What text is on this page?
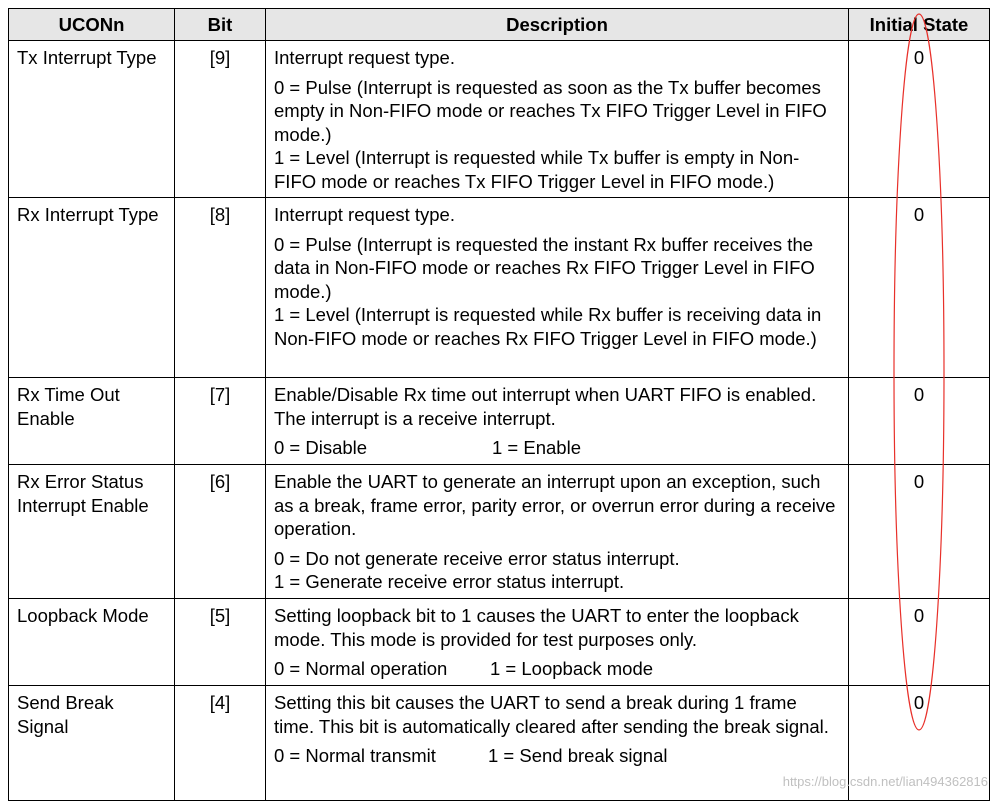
UCONn	Bit	Description	Initial State
Tx Interrupt Type	[9]	Interrupt request type.

0 = Pulse (Interrupt is requested as soon as the Tx buffer becomes empty in Non-FIFO mode or reaches Tx FIFO Trigger Level in FIFO mode.)

1 = Level (Interrupt is requested while Tx buffer is empty in Non-FIFO mode or reaches Tx FIFO Trigger Level in FIFO mode.)	0
Rx Interrupt Type	[8]	Interrupt request type.

0 = Pulse (Interrupt is requested the instant Rx buffer receives the data in Non-FIFO mode or reaches Rx FIFO Trigger Level in FIFO mode.)

1 = Level (Interrupt is requested while Rx buffer is receiving data in Non-FIFO mode or reaches Rx FIFO Trigger Level in FIFO mode.)	0
Rx Time Out Enable	[7]	Enable/Disable Rx time out interrupt when UART FIFO is enabled. The interrupt is a receive interrupt.

0 = Disable 1 = Enable	0
Rx Error Status Interrupt Enable	[6]	Enable the UART to generate an interrupt upon an exception, such as a break, frame error, parity error, or overrun error during a receive operation.

0 = Do not generate receive error status interrupt.

1 = Generate receive error status interrupt.	0
Loopback Mode	[5]	Setting loopback bit to 1 causes the UART to enter the loopback mode. This mode is provided for test purposes only.

0 = Normal operation 1 = Loopback mode	0
Send Break Signal	[4]	Setting this bit causes the UART to send a break during 1 frame time. This bit is automatically cleared after sending the break signal.

0 = Normal transmit 1 = Send break signal	0
https://blog.csdn.net/lian494362816
